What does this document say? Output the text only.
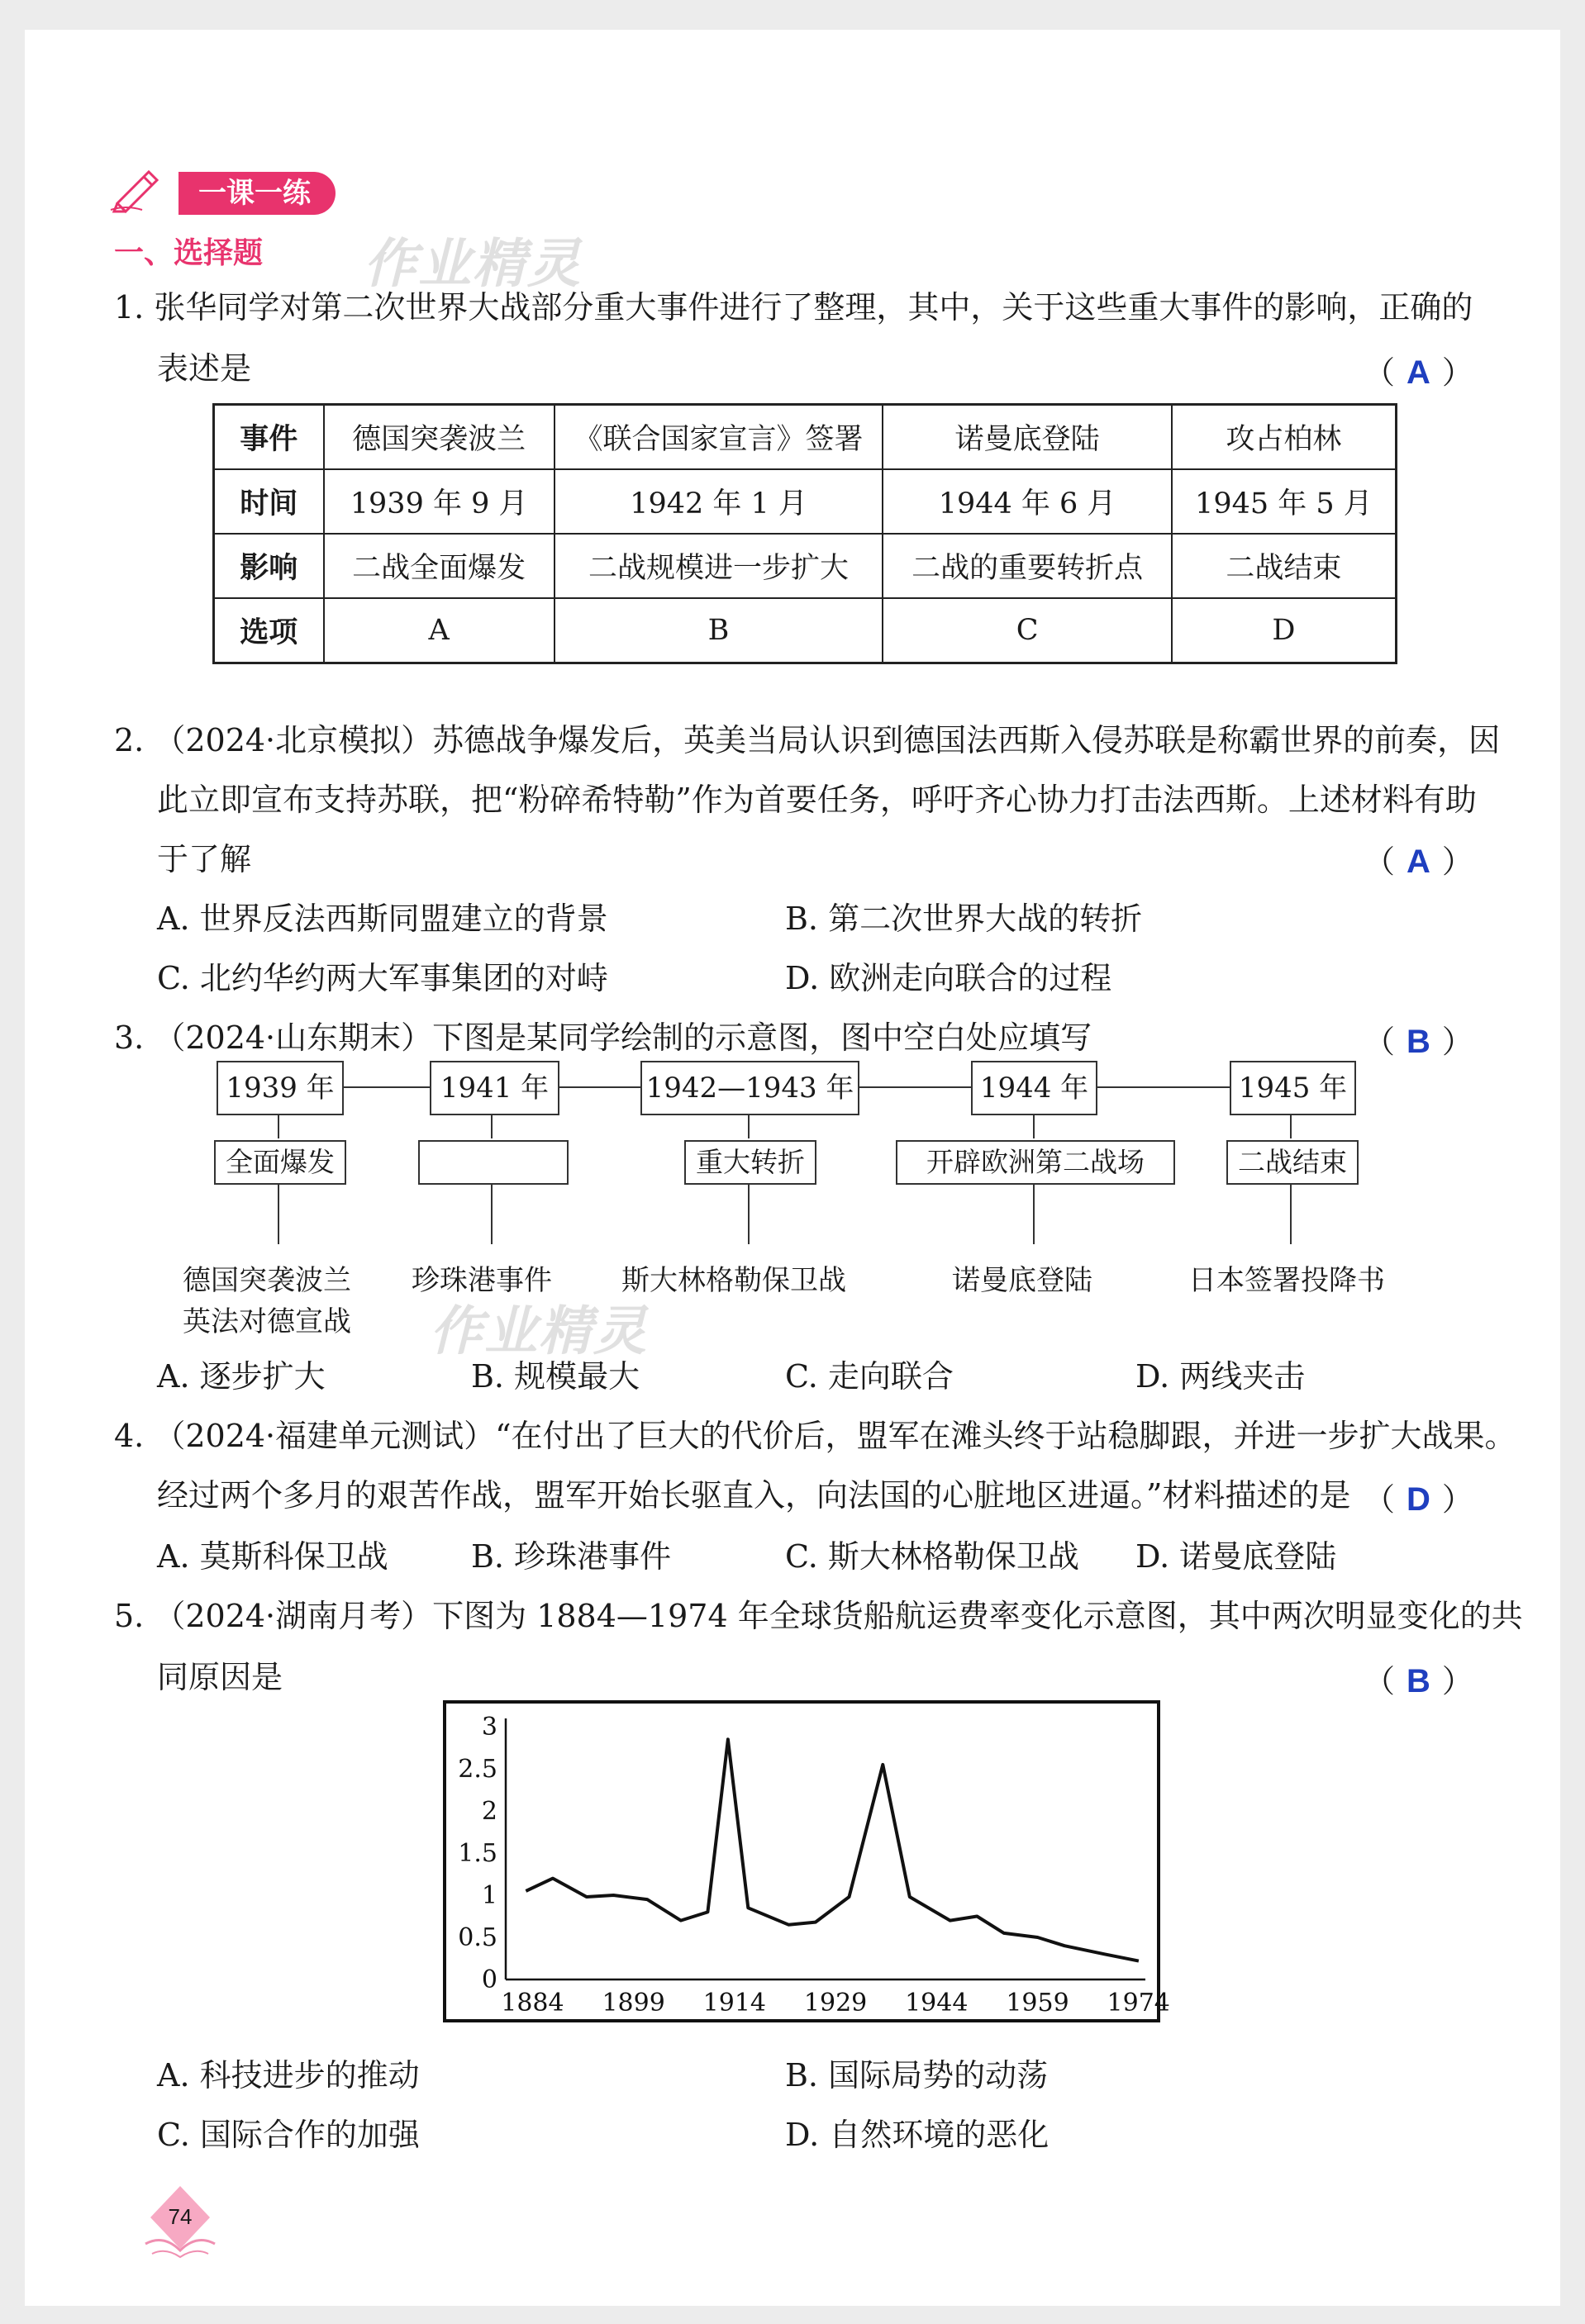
一课一练
一、选择题 作业精灵
1. 张华同学对第二次世界大战部分重大事件进行了整理，其中，关于这些重大事件的影响，正确的
表述是	（ A ）
事件	德国突袭波兰	《联合国家宣言》签署	诺曼底登陆	攻占柏林
时间	1939 年 9 月	1942 年 1 月	1944 年 6 月	1945 年 5 月
影响	二战全面爆发	二战规模进一步扩大	二战的重要转折点	二战结束
选项	A	B	C	D
2. （2024·北京模拟）苏德战争爆发后，英美当局认识到德国法西斯入侵苏联是称霸世界的前奏，因
此立即宣布支持苏联，把“粉碎希特勒”作为首要任务，呼吁齐心协力打击法西斯。上述材料有助
于了解	（ A ）
A. 世界反法西斯同盟建立的背景	B. 第二次世界大战的转折
C. 北约华约两大军事集团的对峙	D. 欧洲走向联合的过程
3. （2024·山东期末）下图是某同学绘制的示意图，图中空白处应填写	（ B ）
1939 年	1941 年	1942—1943 年	1944 年	1945 年
全面爆发	重大转折	开辟欧洲第二战场	二战结束
德国突袭波兰
英法对德宣战
珍珠港事件 斯大林格勒保卫战	诺曼底登陆	日本签署投降书
作业精灵
A. 逐步扩大	B. 规模最大	C. 走向联合	D. 两线夹击
4. （2024·福建单元测试）“在付出了巨大的代价后，盟军在滩头终于站稳脚跟，并进一步扩大战果。
经过两个多月的艰苦作战，盟军开始长驱直入，向法国的心脏地区进逼。”材料描述的是 （ D ）
A. 莫斯科保卫战	B. 珍珠港事件	C. 斯大林格勒保卫战 D. 诺曼底登陆
5. （2024·湖南月考）下图为 1884—1974 年全球货船航运费率变化示意图，其中两次明显变化的共
同原因是	（ B ）
0
0.5
1
1.5
2
2.5
3
1884 1899 1914 1929 1944 1959 1974
A. 科技进步的推动	B. 国际局势的动荡
C. 国际合作的加强	D. 自然环境的恶化
74
